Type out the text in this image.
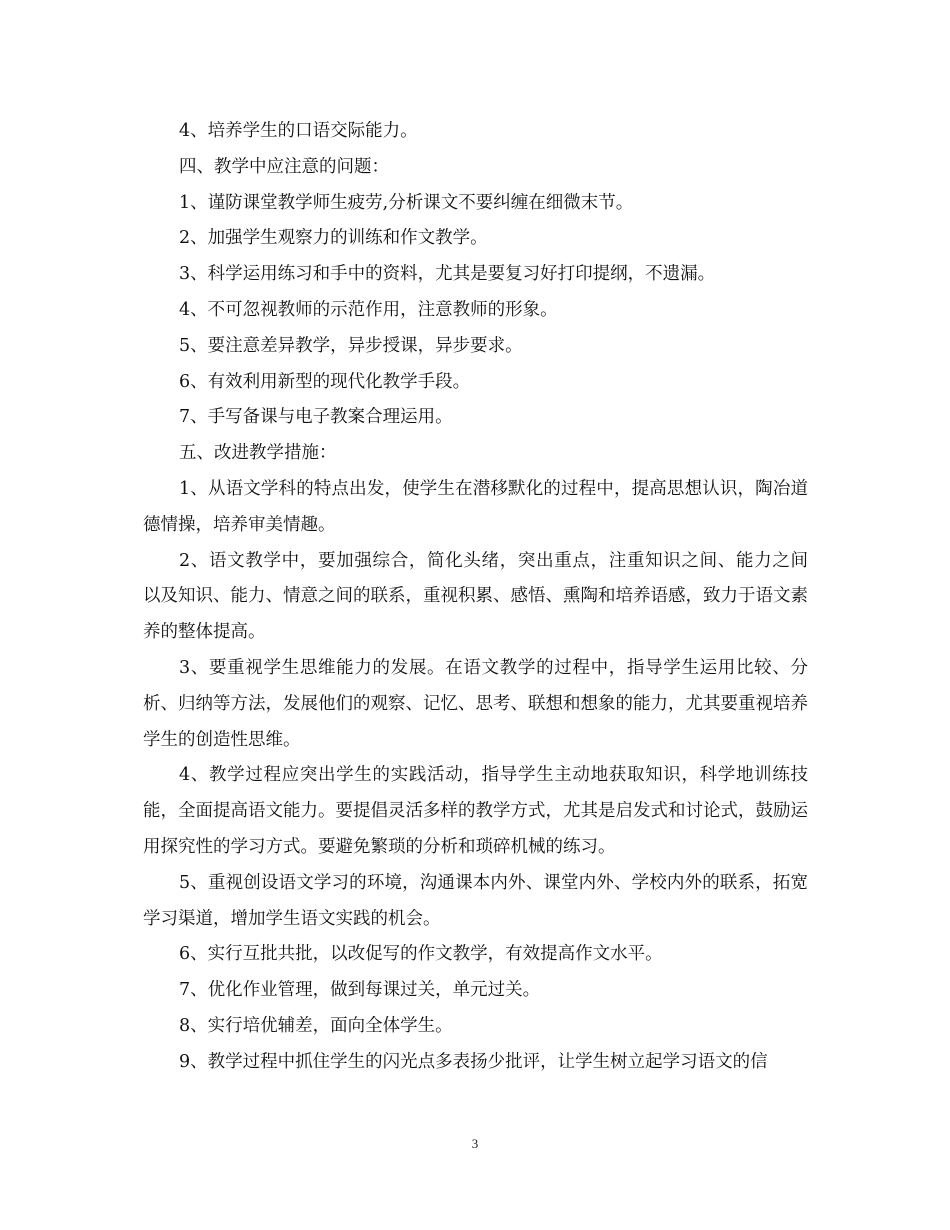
4、培养学生的口语交际能力。

四、教学中应注意的问题：

1、谨防课堂教学师生疲劳,分析课文不要纠缠在细微末节。

2、加强学生观察力的训练和作文教学。

3、科学运用练习和手中的资料，尤其是要复习好打印提纲，不遗漏。

4、不可忽视教师的示范作用，注意教师的形象。

5、要注意差异教学，异步授课，异步要求。

6、有效利用新型的现代化教学手段。

7、手写备课与电子教案合理运用。

五、改进教学措施：

1、从语文学科的特点出发，使学生在潜移默化的过程中，提高思想认识，陶冶道德情操，培养审美情趣。

2、语文教学中，要加强综合，简化头绪，突出重点，注重知识之间、能力之间 以及知识、能力、情意之间的联系，重视积累、感悟、熏陶和培养语感，致力于语文素养的整体提高。

3、要重视学生思维能力的发展。在语文教学的过程中，指导学生运用比较、分析、归纳等方法，发展他们的观察、记忆、思考、联想和想象的能力，尤其要重视培养学生的创造性思维。

4、教学过程应突出学生的实践活动，指导学生主动地获取知识，科学地训练技能，全面提高语文能力。要提倡灵活多样的教学方式，尤其是启发式和讨论式，鼓励运用探究性的学习方式。要避免繁琐的分析和琐碎机械的练习。

5、重视创设语文学习的环境，沟通课本内外、课堂内外、学校内外的联系，拓宽学习渠道，增加学生语文实践的机会。

6、实行互批共批，以改促写的作文教学，有效提高作文水平。

7、优化作业管理，做到每课过关，单元过关。

8、实行培优辅差，面向全体学生。

9、教学过程中抓住学生的闪光点多表扬少批评，让学生树立起学习语文的信

3
